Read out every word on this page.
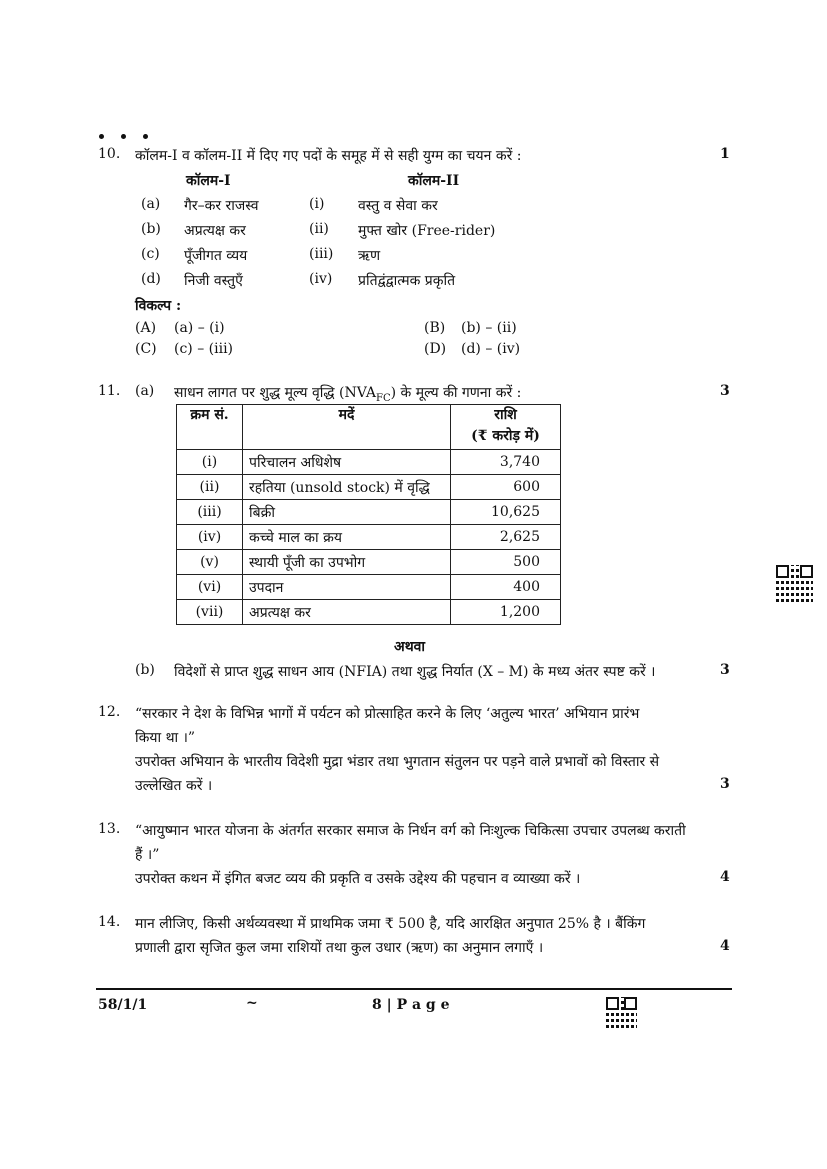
10. कॉलम-I व कॉलम-II में दिए गए पदों के समूह में से सही युग्म का चयन करें :	1
कॉलम-I	कॉलम-II
(a) गैर–कर राजस्व	(i) वस्तु व सेवा कर
(b) अप्रत्यक्ष कर	(ii) मुफ्त खोर (Free-rider)
(c) पूँजीगत व्यय	(iii) ऋण
(d) निजी वस्तुएँ	(iv) प्रतिद्वंद्वात्मक प्रकृति
विकल्प :
(A) (a) – (i)	(B) (b) – (ii)
(C) (c) – (iii)	(D) (d) – (iv)
11. (a) साधन लागत पर शुद्ध मूल्य वृद्धि $(NVA_{FC})$ के मूल्य की गणना करें :	3
क्रम सं.	मदें	राशि
(₹ करोड़ में)

(i)	परिचालन अधिशेष	3,740
(ii)	रहतिया (unsold stock) में वृद्धि	600
(iii)	बिक्री	10,625
(iv)	कच्चे माल का क्रय	2,625
(v)	स्थायी पूँजी का उपभोग	500
(vi)	उपदान	400
(vii)	अप्रत्यक्ष कर	1,200
अथवा
(b) विदेशों से प्राप्त शुद्ध साधन आय (NFIA) तथा शुद्ध निर्यात (X – M) के मध्य अंतर स्पष्ट करें ।	3
12. “सरकार ने देश के विभिन्न भागों में पर्यटन को प्रोत्साहित करने के लिए ‘अतुल्य भारत’ अभियान प्रारंभ
किया था ।”
उपरोक्त अभियान के भारतीय विदेशी मुद्रा भंडार तथा भुगतान संतुलन पर पड़ने वाले प्रभावों को विस्तार से
उल्लेखित करें ।	3
13. “आयुष्मान भारत योजना के अंतर्गत सरकार समाज के निर्धन वर्ग को निःशुल्क चिकित्सा उपचार उपलब्ध कराती
हैं ।”
उपरोक्त कथन में इंगित बजट व्यय की प्रकृति व उसके उद्देश्य की पहचान व व्याख्या करें ।	4
14. मान लीजिए, किसी अर्थव्यवस्था में प्राथमिक जमा ₹ 500 है, यदि आरक्षित अनुपात 25% है । बैंकिंग
प्रणाली द्वारा सृजित कुल जमा राशियों तथा कुल उधार (ऋण) का अनुमान लगाएँ ।	4
58/1/1	~	8 | P a g e
